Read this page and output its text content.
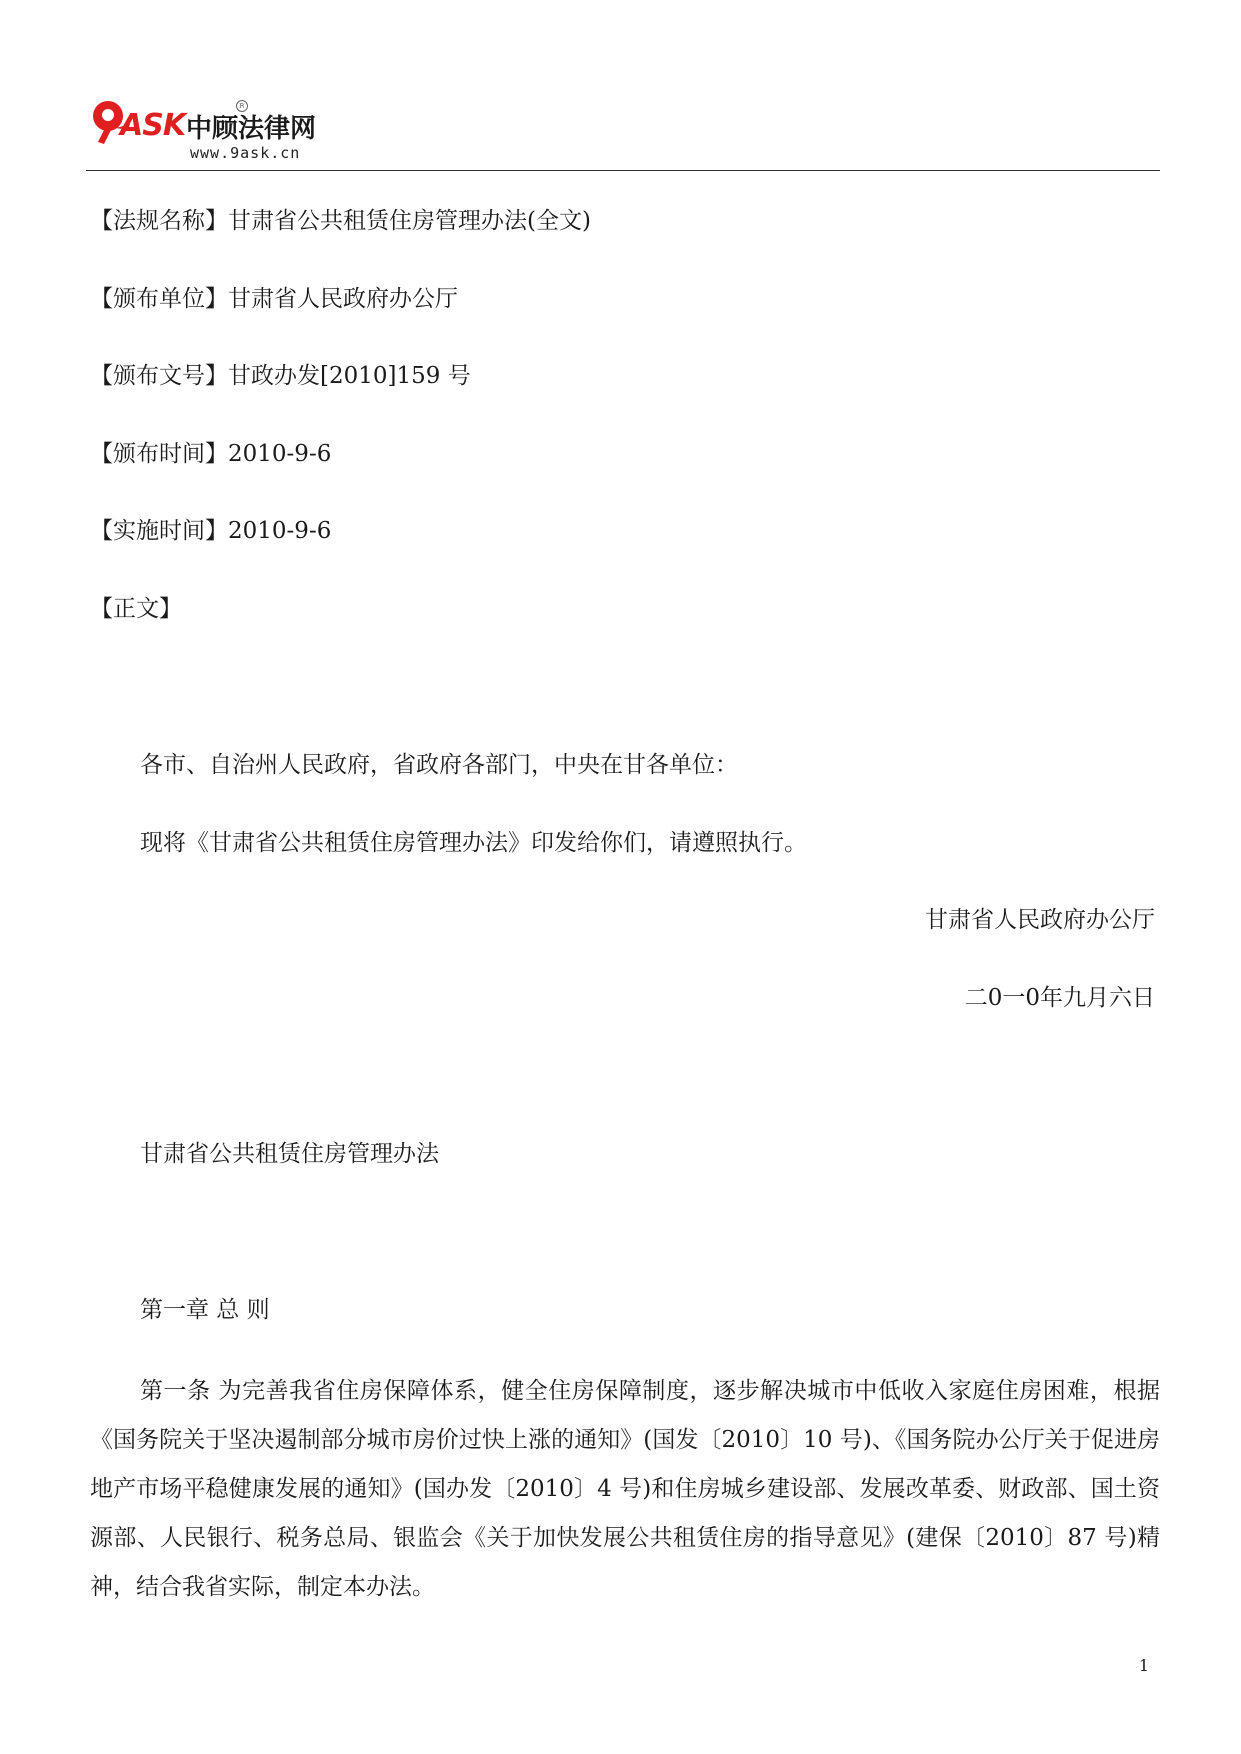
ASK 中顾法律网
R
www.9ask.cn
【法规名称】甘肃省公共租赁住房管理办法(全文)
【颁布单位】甘肃省人民政府办公厅
【颁布文号】甘政办发[2010]159 号
【颁布时间】2010-9-6
【实施时间】2010-9-6
【正文】
各市、自治州人民政府，省政府各部门，中央在甘各单位：
现将《甘肃省公共租赁住房管理办法》印发给你们，请遵照执行。
甘肃省人民政府办公厅
二0一0年九月六日
甘肃省公共租赁住房管理办法
第一章 总 则
第一条 为完善我省住房保障体系，健全住房保障制度，逐步解决城市中低收入家庭住房困难，根据《国务院关于坚决遏制部分城市房价过快上涨的通知》(国发〔2010〕10 号)、《国务院办公厅关于促进房地产市场平稳健康发展的通知》(国办发〔2010〕4 号)和住房城乡建设部、发展改革委、财政部、国土资源部、人民银行、税务总局、银监会《关于加快发展公共租赁住房的指导意见》(建保〔2010〕87 号)精神，结合我省实际，制定本办法。
1
